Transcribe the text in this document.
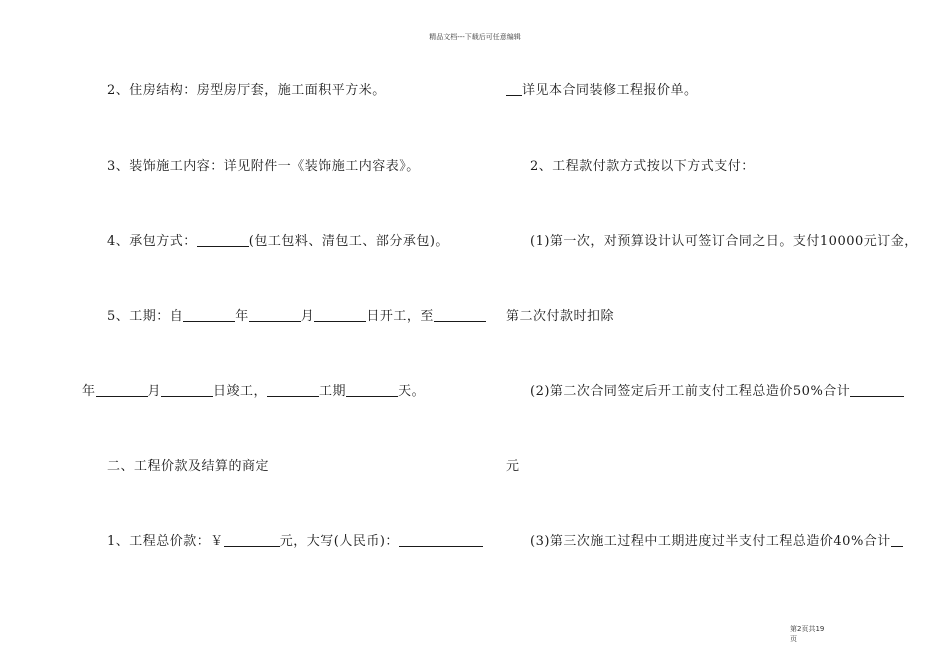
精品文档---下载后可任意编辑
2、住房结构：房型房厅套，施工面积平方米。
3、装饰施工内容：详见附件一《装饰施工内容表》。
4、承包方式：	(包工包料、清包工、部分承包)。
5、工期：自	年	月	日开工，至
年	月	日竣工，	工期	天。
二、工程价款及结算的商定
1、工程总价款：￥	元，大写(人民币)：
详见本合同装修工程报价单。
2、工程款付款方式按以下方式支付：
(1)第一次，对预算设计认可签订合同之日。支付10000元订金，
第二次付款时扣除
(2)第二次合同签定后开工前支付工程总造价50%合计
元
(3)第三次施工过程中工期进度过半支付工程总造价40%合计
第2页共19
页
